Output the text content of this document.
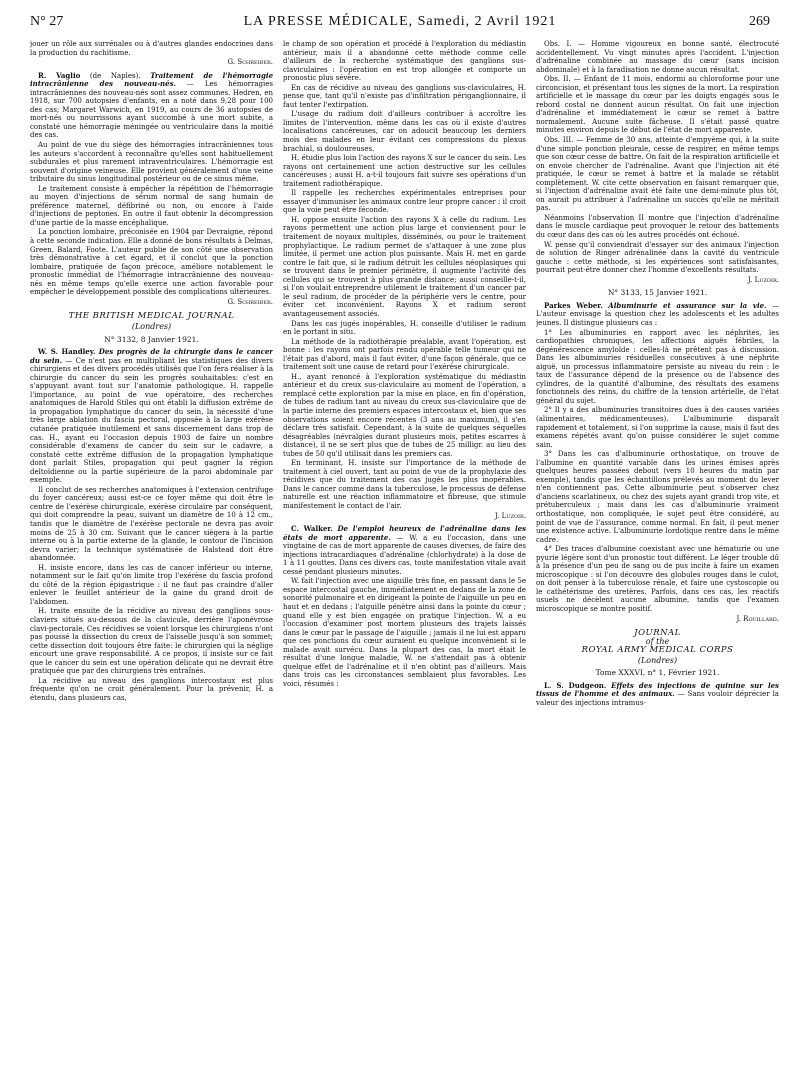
N° 27	LA PRESSE MÉDICALE, Samedi, 2 Avril 1921	269

jouer un rôle aux surrénales ou à d'autres glandes endocrines dans la production du rachitisme.

G. Schreiber.

R. Vaglio (de Naples). Traitement de l'hémorragie intracrânienne des nouveau-nés. — Les hémorragies intracrâniennes des nouveau-nés sont assez communes. Hedren, en 1918, sur 700 autopsies d'enfants, en a noté dans 9,28 pour 100 des cas; Margaret Warwich, en 1919, au cours de 36 autopsies de mort-nés ou nourrissons ayant succombé à une mort subite, a constaté une hémorragie méningée ou ventriculaire dans la moitié des cas.

Au point de vue du siège des hémorragies intracrâniennes tous les auteurs s'accordent à reconnaître qu'elles sont habituellement subdurales et plus rarement intraventriculaires. L'hémorragie est souvent d'origine veineuse. Elle provient généralement d'une veine tributaire du sinus longitudinal postérieur ou de ce sinus même.

Le traitement consiste à empêcher la répétition de l'hémorragie au moyen d'injections de sérum normal de sang humain de préférence maternel, défibriné ou non, ou encore à l'aide d'injections de peptones. En outre il faut obtenir la décompression d'une partie de la masse encéphalique.

La ponction lombaire, préconisée en 1904 par Devraigne, répond à cette seconde indication. Elle a donné de bons résultats à Delmas, Green, Balard, Foote. L'auteur publie de son côté une observation très démonstrative à cet égard, et il conclut que la ponction lombaire, pratiquée de façon précoce, améliore notablement le pronostic immédiat de l'hémorragie intracrânienne des nouveau-nés en même temps qu'elle exerce une action favorable pour empêcher le développement possible des complications ultérieures.

G. Schreiber.

THE BRITISH MEDICAL JOURNAL

(Londres)

N° 3132, 8 Janvier 1921.

W. S. Handley. Des progrès de la chirurgie dans le cancer du sein. — Ce n'est pas en multipliant les statistiques des divers chirurgiens et des divers procédés utilisés que l'on fera réaliser à la chirurgie du cancer du sein les progrès souhaitables: c'est en s'appuyant avant tout sur l'anatomie pathologique. H. rappelle l'importance, au point de vue opératoire, des recherches anatomiques de Harold Stiles qui ont établi la diffusion extrême de la propagation lymphatique du cancer du sein, la nécessité d'une très large ablation du fascia pectoral, opposée à la large exérèse cutanée pratiquée inutilement et sans discernement dans trop de cas. H., ayant eu l'occasion depuis 1903 de faire un nombre considérable d'examens de cancer du sein sur le cadavre, a constaté cette extrême diffusion de la propagation lymphatique dont parlait Stiles, propagation qui peut gagner la région deltoïdienne ou la partie supérieure de la paroi abdominale par exemple.

Il conclut de ses recherches anatomiques à l'extension centrifuge du foyer cancéreux; aussi est-ce ce foyer même qui doit être le centre de l'exérèse chirurgicale, exérèse circulaire par conséquent, qui doit comprendre la peau, suivant un diamètre de 10 à 12 cm., tandis que le diamètre de l'exérèse pectorale ne devra pas avoir moins de 25 à 30 cm. Suivant que le cancer siègera à la partie interne ou à la partie externe de la glande, le contour de l'incision devra varier; la technique systématisée de Halstead doit être abandonnée.

H. insiste encore, dans les cas de cancer inférieur ou interne, notamment sur le fait qu'on limite trop l'exérèse du fascia profond du côté de la région épigastrique : il ne faut pas craindre d'aller enlever le feuillet antérieur de la gaine du grand droit de l'abdomen.

H. traite ensuite de la récidive au niveau des ganglions sous-claviers situés au-dessous de la clavicule, derrière l'aponévrose clavi-pectorale. Ces récidives se voient lorsque les chirurgiens n'ont pas poussé la dissection du creux de l'aisselle jusqu'à son sommet; cette dissection doit toujours être faite: le chirurgien qui la néglige encourt une grave responsabilité. A ce propos, il insiste sur ce fait que le cancer du sein est une opération délicate qui ne devrait être pratiquée que par des chirurgiens très entraînés.

La récidive au niveau des ganglions intercostaux est plus fréquente qu'on ne croit généralement. Pour la prévenir, H. a étendu, dans plusieurs cas,

le champ de son opération et procédé à l'exploration du médiastin antérieur, mais il a abandonné cette méthode comme celle d'ailleurs de la recherche systématique des ganglions sus-claviculaires : l'opération en est trop allongée et comporte un pronostic plus sévère.

En cas de récidive au niveau des ganglions sus-claviculaires, H. pense que, tant qu'il n'existe pas d'infiltration périganglionnaire, il faut tenter l'extirpation.

L'usage du radium doit d'ailleurs contribuer à accroître les limites de l'intervention. même dans les cas où il existe d'autres localisations cancéreuses, car on adoucit beaucoup les derniers mois des malades en leur évitant ces compressions du plexus brachial, si douloureuses.

H. étudie plus loin l'action des rayons X sur le cancer du sein. Les rayons ont certainement une action destructive sur les cellules cancéreuses ; aussi H. a-t-il toujours fait suivre ses opérations d'un traitement radiothérapique.

Il rappelle les recherches expérimentales entreprises pour essayer d'immuniser les animaux contre leur propre cancer : il croit que la voie peut être féconde.

H. oppose ensuite l'action des rayons X à celle du radium. Les rayons permettent une action plus large et conviennent pour le traitement de noyaux multiples, disséminés, ou pour le traitement prophylactique. Le radium permet de s'attaquer à une zone plus limitée, il permet une action plus puissante. Mais H. met en garde contre le fait que, si le radium détruit les cellules néoplasiques qui se trouvent dans le premier périmètre, il augmente l'activité des cellules qui se trouvent à plus grande distance; aussi conseille-t-il, si l'on voulait entreprendre utilement le traitement d'un cancer par le seul radium, de procéder de la périphérie vers le centre, pour éviter cet inconvénient. Rayons X et radium seront avantageusement associés.

Dans les cas jugés inopérables, H. conseille d'utiliser le radium en le portant in situ.

La méthode de la radiothérapie préalable, avant l'opération, est bonne : les rayons ont parfois rendu opérable telle tumeur qui ne l'était pas d'abord, mais il faut éviter, d'une façon générale, que ce traitement soit une cause de retard pour l'exérèse chirurgicale.

H., ayant renoncé à l'exploration systématique du médiastin antérieur et du creux sus-claviculaire au moment de l'opération, a remplacé cette exploration par la mise en place, en fin d'opération, de tubes de radium tant au niveau du creux sus-claviculaire que de la partie interne des premiers espaces intercostaux et, bien que ses observations soient encore récentes (3 ans au maximum), il s'en déclare très satisfait. Cependant, à la suite de quelques séquelles désagréables (névralgies durant plusieurs mois, petites escarres à distance), il ne se sert plus que de tubes de 25 milligr. au lieu des tubes de 50 qu'il utilisait dans les premiers cas.

En terminant, H. insiste sur l'importance de la méthode de traitement à ciel ouvert, tant au point de vue de la prophylaxie des récidives que du traitement des cas jugés les plus inopérables. Dans le cancer comme dans la tuberculose, le processus de défense naturelle est une réaction inflammatoire et fibreuse, que stimule manifestement le contact de l'air.

J. Luzoir.

C. Walker. De l'emploi heureux de l'adrénaline dans les états de mort apparente. — W. a eu l'occasion, dans une vingtaine de cas de mort apparente de causes diverses, de faire des injections intracardiaques d'adrénaline (chlorhydrate) à la dose de 1 à 11 gouttes. Dans ces divers cas, toute manifestation vitale avait cessé pendant plusieurs minutes.

W. fait l'injection avec une aiguille très fine, en passant dans le 5e espace intercostal gauche, immédiatement en dedans de la zone de sonorité pulmonaire et en dirigeant la pointe de l'aiguille un peu en haut et en dedans ; l'aiguille pénètre ainsi dans la pointe du cœur ; quand elle y est bien engagée on pratique l'injection. W. a eu l'occasion d'examiner post mortem plusieurs des trajets laissés dans le cœur par le passage de l'aiguille ; jamais il ne lui est apparu que ces ponctions du cœur auraient eu quelque inconvénient si le malade avait survécu. Dans la plupart des cas, la mort était le résultat d'une longue maladie, W. ne s'attendait pas à obtenir quelque effet de l'adrénaline et il n'en obtint pas d'ailleurs. Mais dans trois cas les circonstances semblaient plus favorables. Les voici, résumés :

Obs. I. — Homme vigoureux en bonne santé, électrocuté accidentellement. Vu vingt minutes après l'accident. L'injection d'adrénaline combinée au massage du cœur (sans incision abdominale) et à la faradisation ne donne aucun résultat.

Obs. II. — Enfant de 11 mois, endormi au chloroforme pour une circoncision, et présentant tous les signes de la mort. La respiration artificielle et le massage du cœur par les doigts engagés sous le rebord costal ne donnent aucun résultat. On fait une injection d'adrénaline et immédiatement le cœur se remet à battre normalement. Aucune suite fâcheuse. Il s'était passé quatre minutes environ depuis le début de l'état de mort apparente.

Obs. III. — Femme de 30 ans, atteinte d'empyème qui, à la suite d'une simple ponction pleurale, cesse de respirer, en même temps que son cœur cesse de battre. On fait de la respiration artificielle et on envoie chercher de l'adrénaline. Avant que l'injection ait été pratiquée, le cœur se remet à battre et la malade se rétablit complètement. W. cite cette observation en faisant remarquer que, si l'injection d'adrénaline avait été faite une demi-minute plus tôt, on aurait pu attribuer à l'adrénaline un succès qu'elle ne méritait pas.

Néanmoins l'observation II montre que l'injection d'adrénaline dans le muscle cardiaque peut provoquer le retour des battements du cœur dans des cas où les autres procédés ont échoué.

W. pense qu'il conviendrait d'essayer sur des animaux l'injection de solution de Ringer adrénalinée dans la cavité du ventricule gauche : cette méthode, si les expériences sont satisfaisantes, pourrait peut-être donner chez l'homme d'excellents résultats.

J. Luzoir.

N° 3133, 15 Janvier 1921.

Parkes Weber. Albuminurie et assurance sur la vie. — L'auteur envisage la question chez les adolescents et les adultes jeunes. Il distingue plusieurs cas :

1° Les albuminuries en rapport avec les néphrites, les cardiopathies chroniques, les affections aiguës fébriles, la dégénérescence amyloïde : celles-là ne prêtent pas à discussion. Dans les albuminuries résiduelles consécutives à une néphrite aiguë, un processus inflammatoire persiste au niveau du rein : le taux de l'assurance dépend de la présence ou de l'absence des cylindres, de la quantité d'albumine, des résultats des examens fonctionnels des reins, du chiffre de la tension artérielle, de l'état général du sujet.

2° Il y a des albuminuries transitoires dues à des causes variées (alimentaires, médicamenteuses). L'albuminurie disparaît rapidement et totalement, si l'on supprime la cause, mais il faut des examens répétés avant qu'on puisse considérer le sujet comme sain.

3° Dans les cas d'albuminurie orthostatique, on trouve de l'albumine en quantité variable dans les urines émises après quelques heures passées debout (vers 10 heures du matin par exemple), tandis que les échantillons prélevés au moment du lever n'en contiennent pas. Cette albuminurie peut s'observer chez d'anciens scarlatineux, ou chez des sujets ayant grandi trop vite, et prétuberculeux ; mais dans les cas d'albuminurie vraiment orthostatique, non compliquée, le sujet peut être considéré, au point de vue de l'assurance, comme normal. En fait, il peut mener une existence active. L'albuminurie lordotique rentre dans le même cadre.

4° Des traces d'albumine coexistant avec une hématurie ou une pyurie légère sont d'un pronostic tout différent. Le léger trouble dû à la présence d'un peu de sang ou de pus incite à faire un examen microscopique : si l'on découvre des globules rouges dans le culot, on doit penser à la tuberculose rénale, et faire une cystoscopie ou le cathétérisme des uretères. Parfois, dans ces cas, les réactifs usuels ne décèlent aucune albumine, tandis que l'examen microscopique se montre positif.

J. Rouillard.

JOURNAL

of the

ROYAL ARMY MEDICAL CORPS

(Londres)

Tome XXXVI, n° 1, Février 1921.

L. S. Dudgeon. Effets des injections de quinine sur les tissus de l'homme et des animaux. — Sans vouloir déprécier la valeur des injections intramus-
